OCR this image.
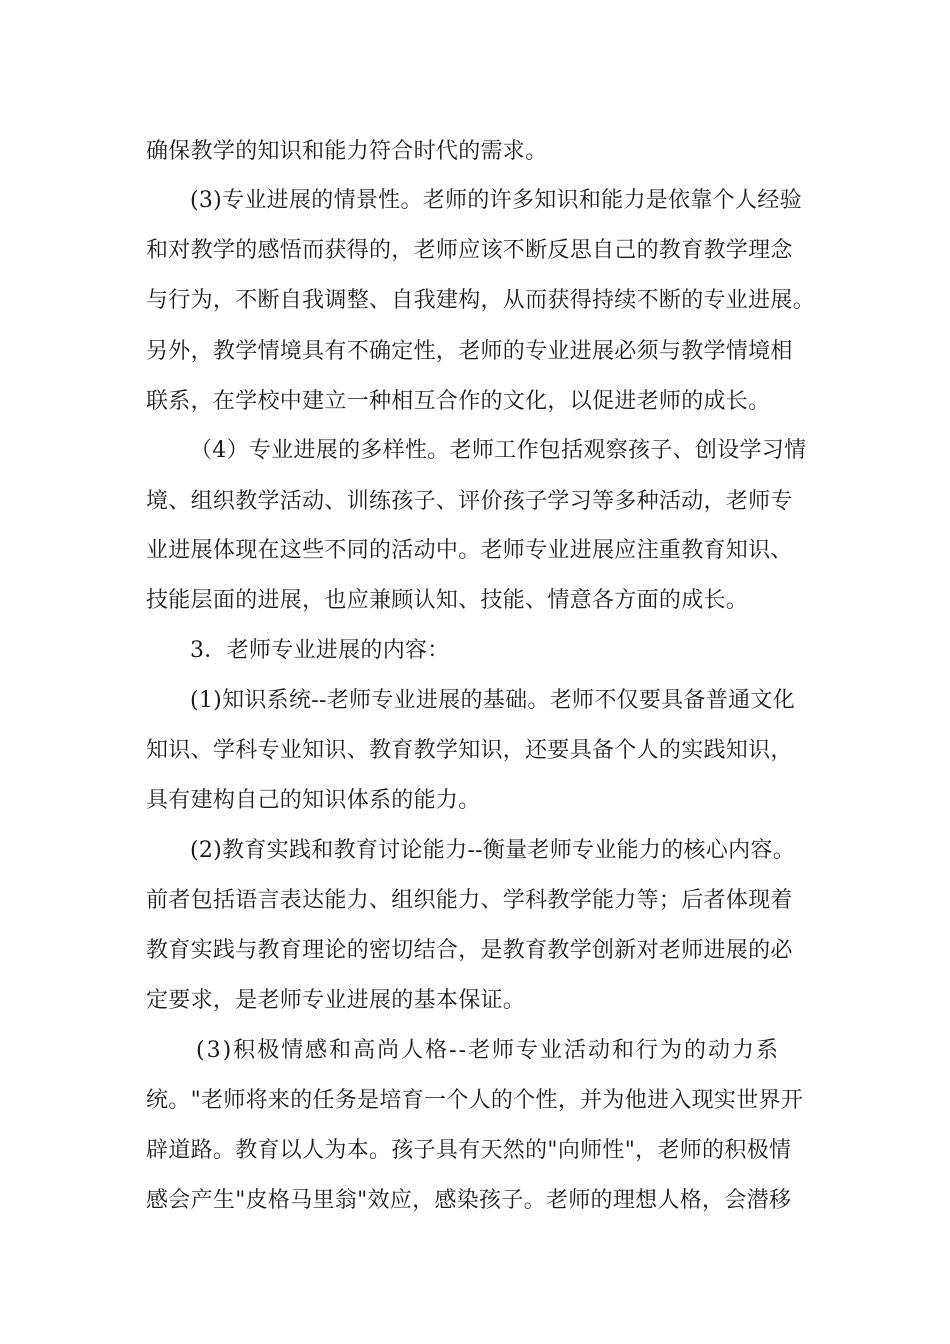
确保教学的知识和能力符合时代的需求。
(3)专业进展的情景性。老师的许多知识和能力是依靠个人经验
和对教学的感悟而获得的，老师应该不断反思自己的教育教学理念
与行为，不断自我调整、自我建构，从而获得持续不断的专业进展。
另外，教学情境具有不确定性，老师的专业进展必须与教学情境相
联系，在学校中建立一种相互合作的文化，以促进老师的成长。
（4）专业进展的多样性。老师工作包括观察孩子、创设学习情
境、组织教学活动、训练孩子、评价孩子学习等多种活动，老师专
业进展体现在这些不同的活动中。老师专业进展应注重教育知识、
技能层面的进展，也应兼顾认知、技能、情意各方面的成长。
3．老师专业进展的内容：
(1)知识系统--老师专业进展的基础。老师不仅要具备普通文化
知识、学科专业知识、教育教学知识，还要具备个人的实践知识，
具有建构自己的知识体系的能力。
(2)教育实践和教育讨论能力--衡量老师专业能力的核心内容。
前者包括语言表达能力、组织能力、学科教学能力等；后者体现着
教育实践与教育理论的密切结合，是教育教学创新对老师进展的必
定要求，是老师专业进展的基本保证。
(3)积极情感和高尚人格--老师专业活动和行为的动力系
统。"老师将来的任务是培育一个人的个性，并为他进入现实世界开
辟道路。教育以人为本。孩子具有天然的"向师性"，老师的积极情
感会产生"皮格马里翁"效应，感染孩子。老师的理想人格，会潜移
